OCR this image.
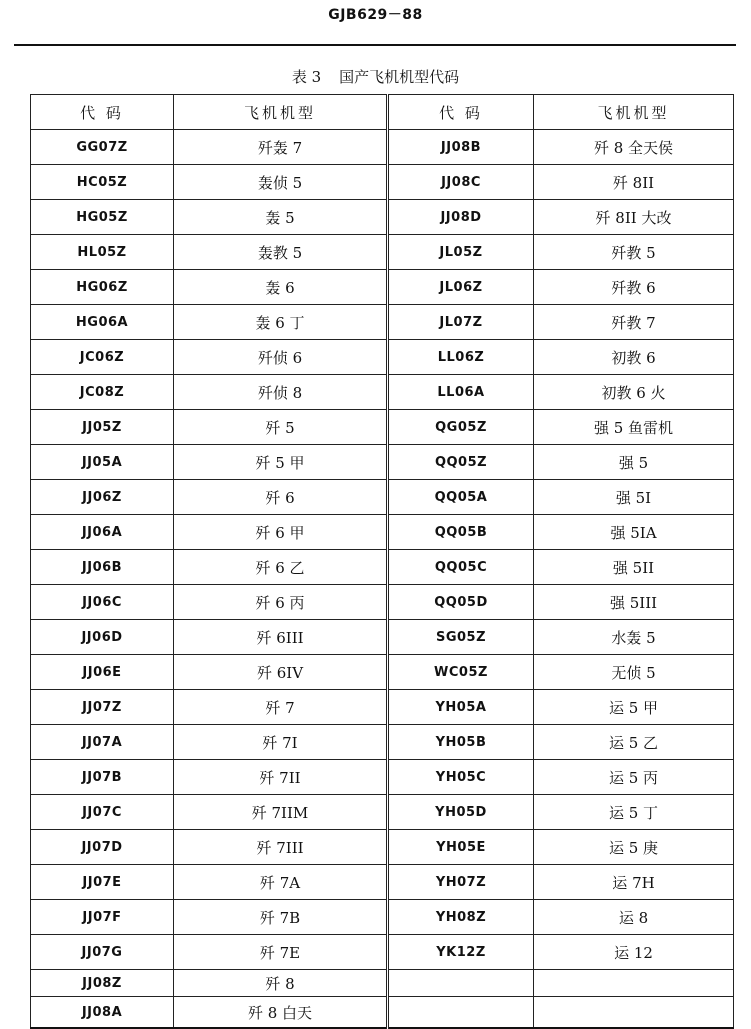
GJB629－88
表 3 国产飞机机型代码
代 码	飞机机型	代 码	飞机机型
GG07Z	歼轰 7	JJ08B	歼 8 全天侯
HC05Z	轰侦 5	JJ08C	歼 8II
HG05Z	轰 5	JJ08D	歼 8II 大改
HL05Z	轰教 5	JL05Z	歼教 5
HG06Z	轰 6	JL06Z	歼教 6
HG06A	轰 6 丁	JL07Z	歼教 7
JC06Z	歼侦 6	LL06Z	初教 6
JC08Z	歼侦 8	LL06A	初教 6 火
JJ05Z	歼 5	QG05Z	强 5 鱼雷机
JJ05A	歼 5 甲	QQ05Z	强 5
JJ06Z	歼 6	QQ05A	强 5I
JJ06A	歼 6 甲	QQ05B	强 5IA
JJ06B	歼 6 乙	QQ05C	强 5II
JJ06C	歼 6 丙	QQ05D	强 5III
JJ06D	歼 6III	SG05Z	水轰 5
JJ06E	歼 6IV	WC05Z	无侦 5
JJ07Z	歼 7	YH05A	运 5 甲
JJ07A	歼 7I	YH05B	运 5 乙
JJ07B	歼 7II	YH05C	运 5 丙
JJ07C	歼 7IIM	YH05D	运 5 丁
JJ07D	歼 7III	YH05E	运 5 庚
JJ07E	歼 7A	YH07Z	运 7H
JJ07F	歼 7B	YH08Z	运 8
JJ07G	歼 7E	YK12Z	运 12
JJ08Z	歼 8		
JJ08A	歼 8 白天		
